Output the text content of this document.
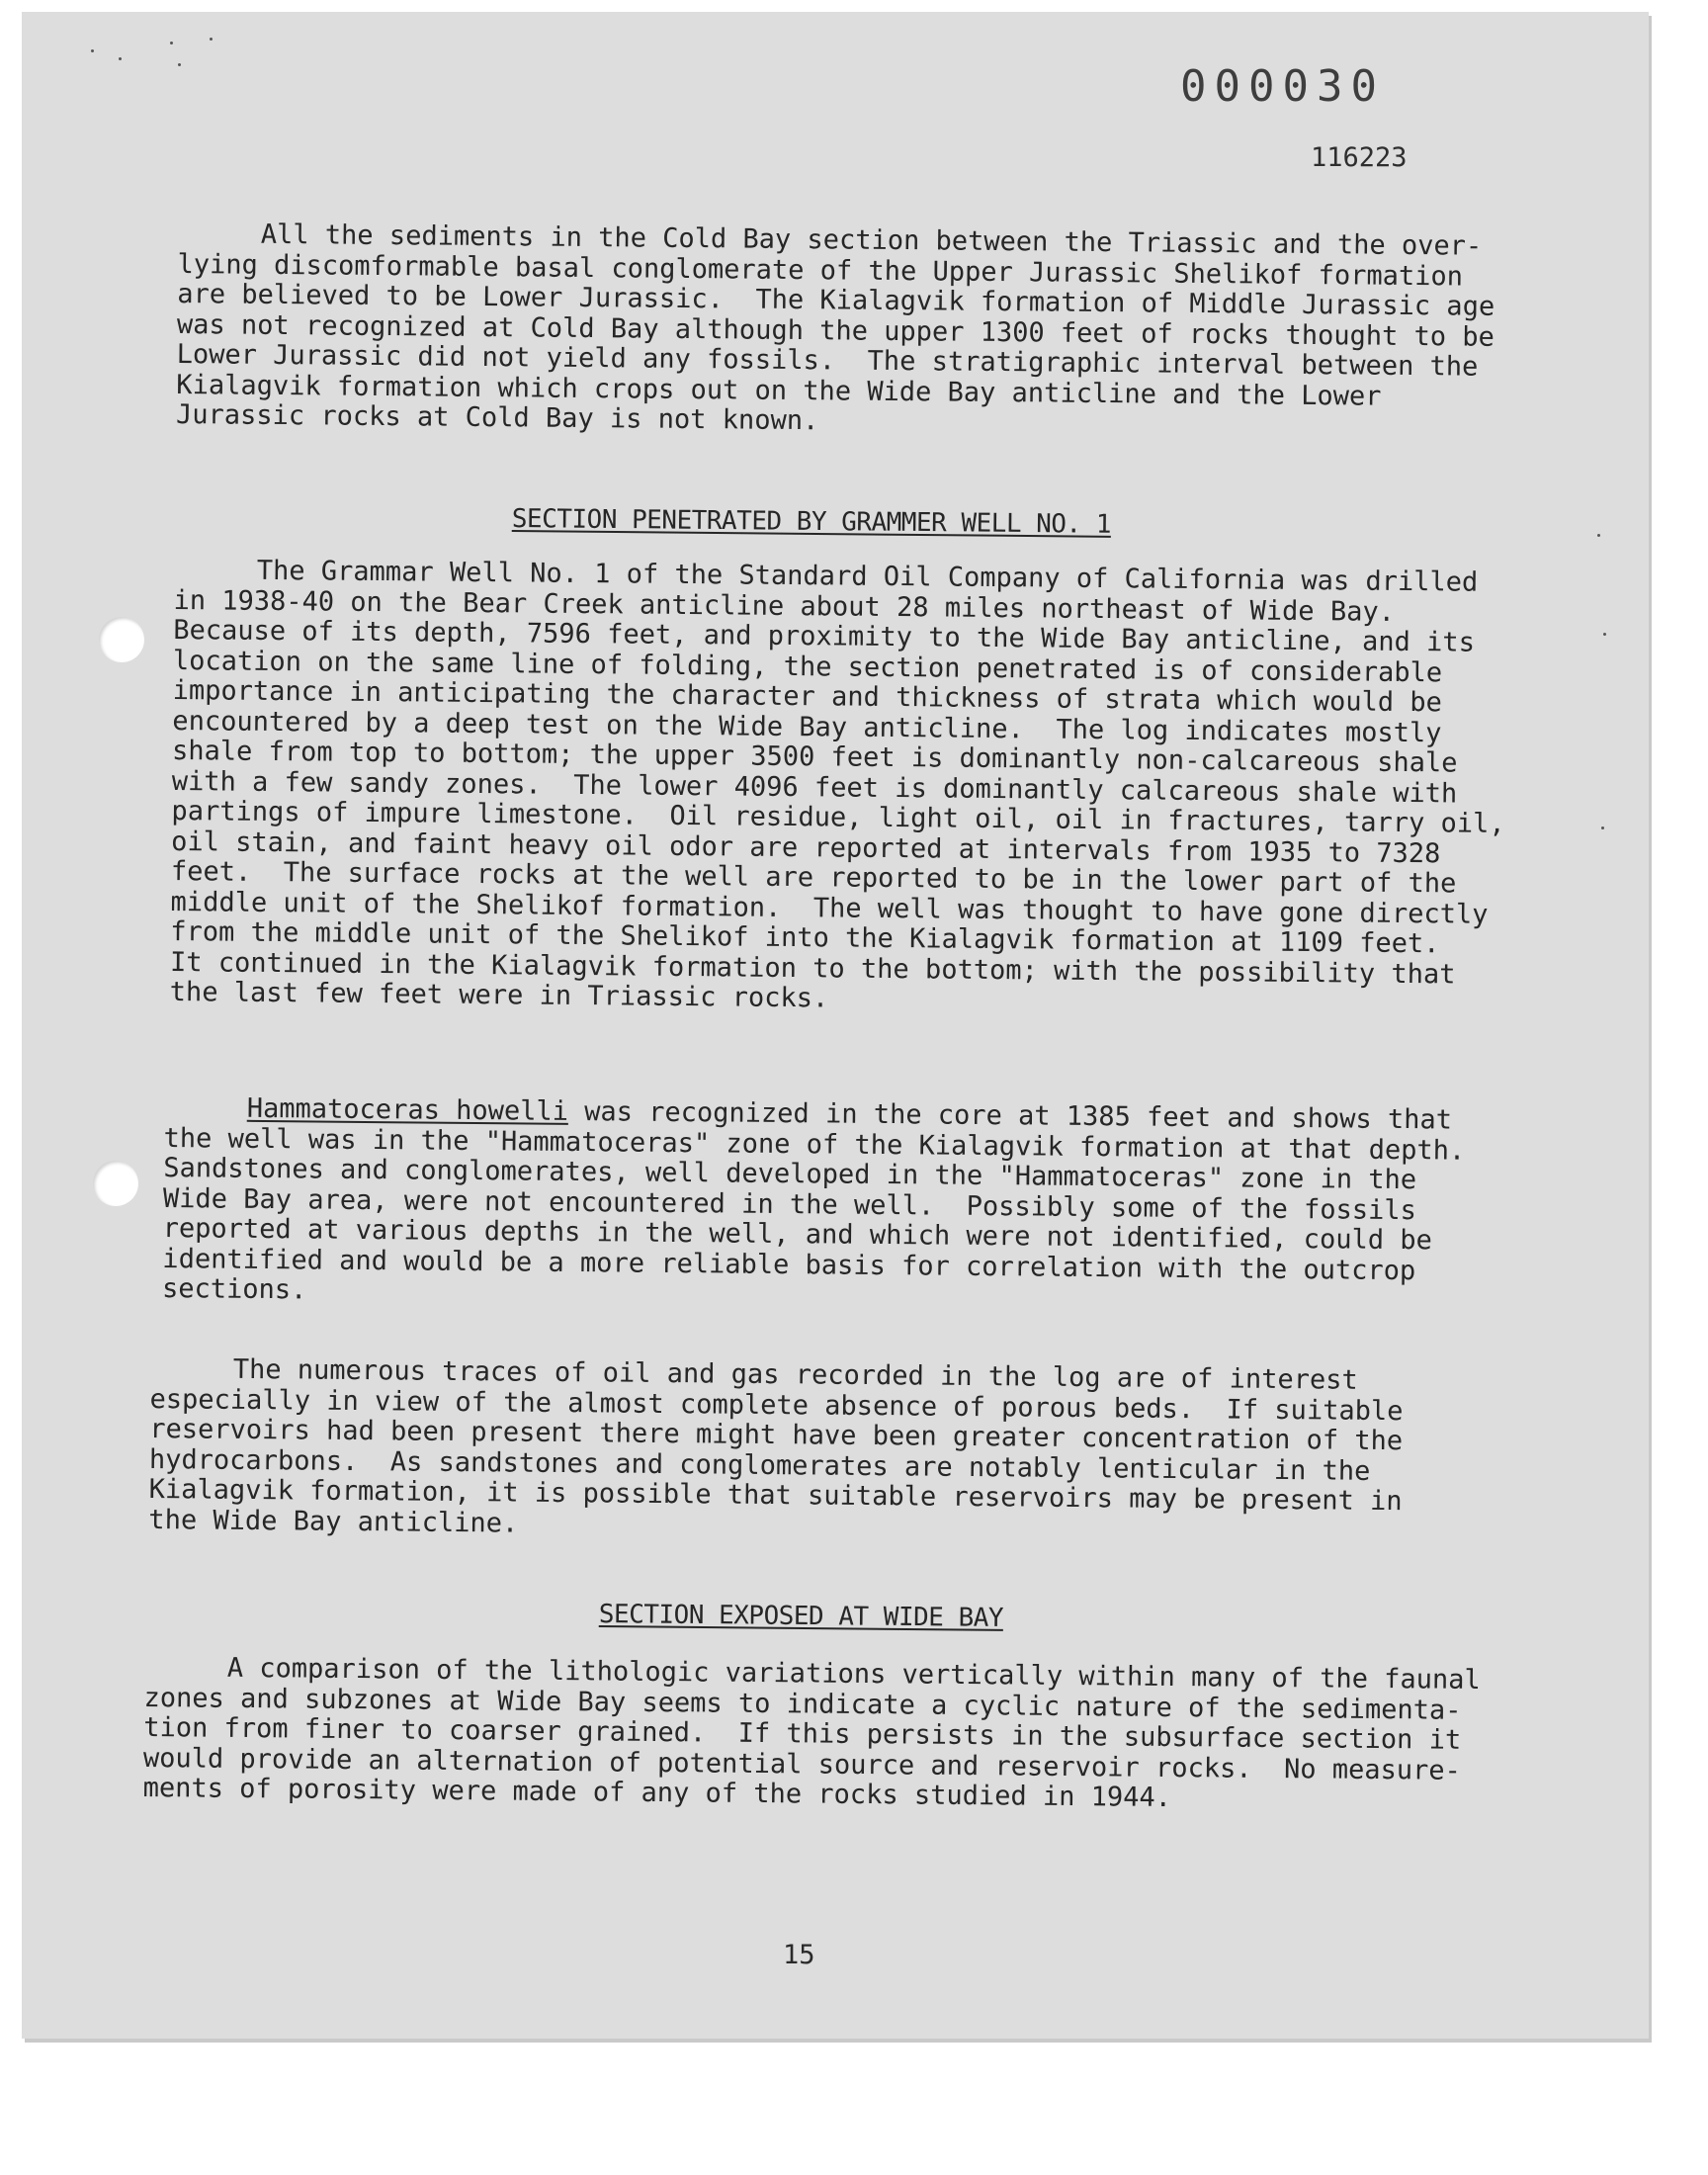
000030
116223

All the sediments in the Cold Bay section between the Triassic and the over-
lying discomformable basal conglomerate of the Upper Jurassic Shelikof formation
are believed to be Lower Jurassic.  The Kialagvik formation of Middle Jurassic age
was not recognized at Cold Bay although the upper 1300 feet of rocks thought to be
Lower Jurassic did not yield any fossils.  The stratigraphic interval between the
Kialagvik formation which crops out on the Wide Bay anticline and the Lower
Jurassic rocks at Cold Bay is not known.

SECTION PENETRATED BY GRAMMER WELL NO. 1

The Grammar Well No. 1 of the Standard Oil Company of California was drilled
in 1938-40 on the Bear Creek anticline about 28 miles northeast of Wide Bay.
Because of its depth, 7596 feet, and proximity to the Wide Bay anticline, and its
location on the same line of folding, the section penetrated is of considerable
importance in anticipating the character and thickness of strata which would be
encountered by a deep test on the Wide Bay anticline.  The log indicates mostly
shale from top to bottom; the upper 3500 feet is dominantly non-calcareous shale
with a few sandy zones.  The lower 4096 feet is dominantly calcareous shale with
partings of impure limestone.  Oil residue, light oil, oil in fractures, tarry oil,
oil stain, and faint heavy oil odor are reported at intervals from 1935 to 7328
feet.  The surface rocks at the well are reported to be in the lower part of the
middle unit of the Shelikof formation.  The well was thought to have gone directly
from the middle unit of the Shelikof into the Kialagvik formation at 1109 feet.
It continued in the Kialagvik formation to the bottom; with the possibility that
the last few feet were in Triassic rocks.

Hammatoceras howelli was recognized in the core at 1385 feet and shows that
the well was in the "Hammatoceras" zone of the Kialagvik formation at that depth.
Sandstones and conglomerates, well developed in the "Hammatoceras" zone in the
Wide Bay area, were not encountered in the well.  Possibly some of the fossils
reported at various depths in the well, and which were not identified, could be
identified and would be a more reliable basis for correlation with the outcrop
sections.

The numerous traces of oil and gas recorded in the log are of interest
especially in view of the almost complete absence of porous beds.  If suitable
reservoirs had been present there might have been greater concentration of the
hydrocarbons.  As sandstones and conglomerates are notably lenticular in the
Kialagvik formation, it is possible that suitable reservoirs may be present in
the Wide Bay anticline.

SECTION EXPOSED AT WIDE BAY

A comparison of the lithologic variations vertically within many of the faunal
zones and subzones at Wide Bay seems to indicate a cyclic nature of the sedimenta-
tion from finer to coarser grained.  If this persists in the subsurface section it
would provide an alternation of potential source and reservoir rocks.  No measure-
ments of porosity were made of any of the rocks studied in 1944.

15
